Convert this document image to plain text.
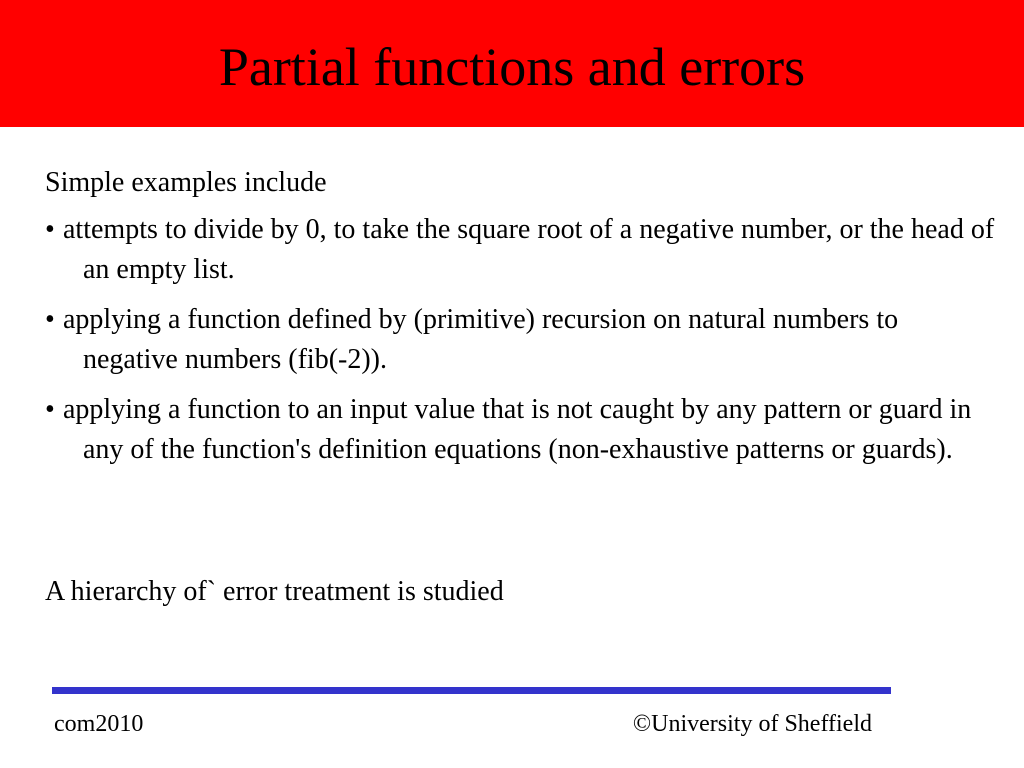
Partial functions and errors

Simple examples include

• attempts to divide by 0, to take the square root of a negative number, or the head of an empty list.

• applying a function defined by (primitive) recursion on natural numbers to negative numbers (fib(-2)).

• applying a function to an input value that is not caught by any pattern or guard in any of the function's definition equations (non-exhaustive patterns or guards).

A hierarchy of` error treatment is studied

com2010	©University of Sheffield
